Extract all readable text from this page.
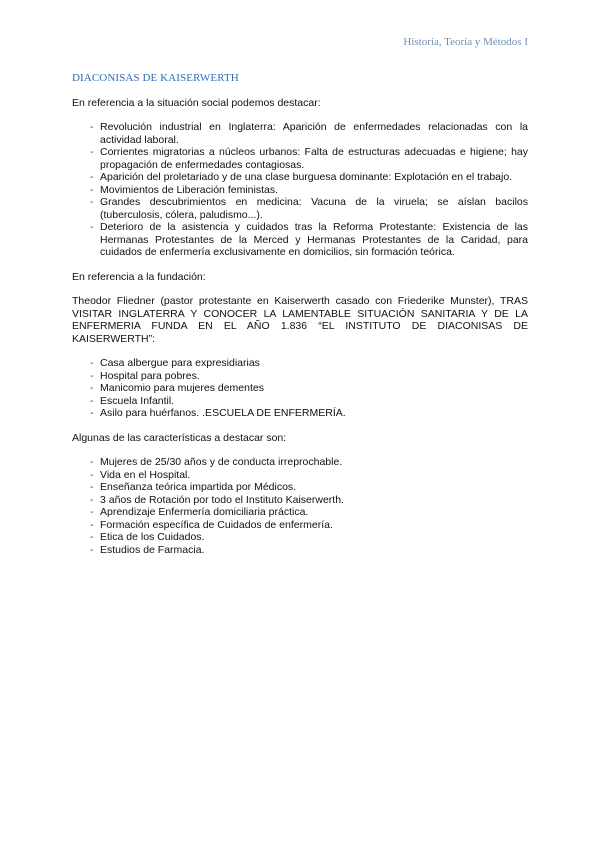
Historia, Teoría y Métodos I
DIACONISAS DE KAISERWERTH

En referencia a la situación social podemos destacar:

- Revolución industrial en Inglaterra: Aparición de enfermedades relacionadas con la actividad laboral.
- Corrientes migratorias a núcleos urbanos: Falta de estructuras adecuadas e higiene; hay propagación de enfermedades contagiosas.
- Aparición del proletariado y de una clase burguesa dominante: Explotación en el trabajo.
- Movimientos de Liberación feministas.
- Grandes descubrimientos en medicina: Vacuna de la viruela; se aíslan bacilos (tuberculosis, cólera, paludismo...).
- Deterioro de la asistencia y cuidados tras la Reforma Protestante: Existencia de las Hermanas Protestantes de la Merced y Hermanas Protestantes de la Caridad, para cuidados de enfermería exclusivamente en domicilios, sin formación teórica.

En referencia a la fundación:

Theodor Fliedner (pastor protestante en Kaiserwerth casado con Friederike Munster), TRAS VISITAR INGLATERRA Y CONOCER LA LAMENTABLE SITUACIÓN SANITARIA Y DE LA ENFERMERIA FUNDA EN EL AÑO 1.836 “EL INSTITUTO DE DIACONISAS DE KAISERWERTH”:

- Casa albergue para expresidiarias
- Hospital para pobres.
- Manicomio para mujeres dementes
- Escuela Infantil.
- Asilo para huérfanos. .ESCUELA DE ENFERMERÍA.

Algunas de las características a destacar son:

- Mujeres de 25/30 años y de conducta irreprochable.
- Vida en el Hospital.
- Enseñanza teórica impartida por Médicos.
- 3 años de Rotación por todo el Instituto Kaiserwerth.
- Aprendizaje Enfermería domiciliaria práctica.
- Formación específica de Cuidados de enfermería.
- Etica de los Cuidados.
- Estudios de Farmacia.
